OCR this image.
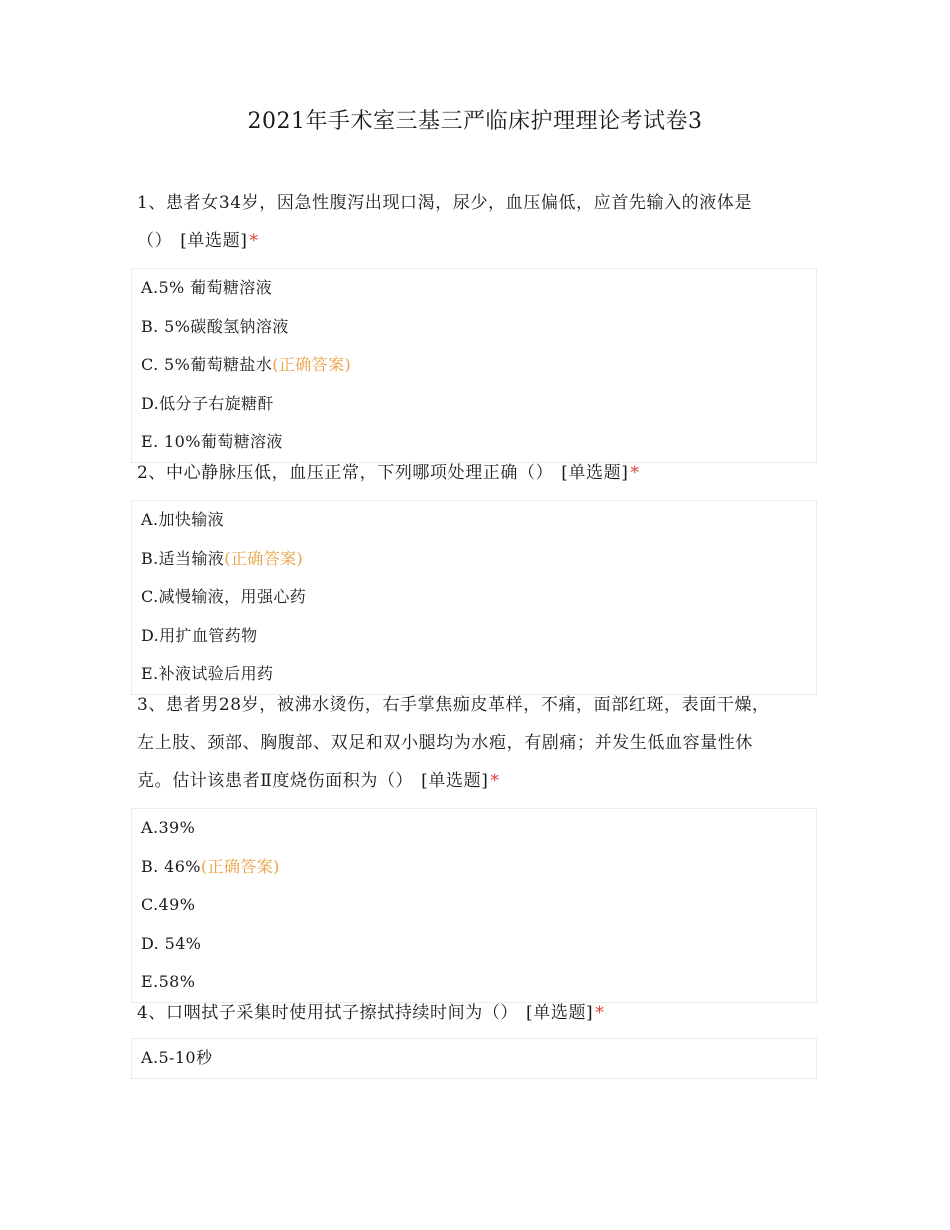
2021年手术室三基三严临床护理理论考试卷3
1、患者女34岁，因急性腹泻出现口渴，尿少，血压偏低，应首先输入的液体是
（） [单选题] *
A.5% 葡萄糖溶液
B. 5%碳酸氢钠溶液
C. 5%葡萄糖盐水(正确答案)
D.低分子右旋糖酐
E. 10%葡萄糖溶液
2、中心静脉压低，血压正常，下列哪项处理正确（） [单选题] *
A.加快输液
B.适当输液(正确答案)
C.减慢输液，用强心药
D.用扩血管药物
E.补液试验后用药
3、患者男28岁，被沸水烫伤，右手掌焦痂皮革样，不痛，面部红斑，表面干燥，
左上肢、颈部、胸腹部、双足和双小腿均为水疱，有剧痛；并发生低血容量性休
克。估计该患者Ⅱ度烧伤面积为（） [单选题] *
A.39%
B. 46%(正确答案)
C.49%
D. 54%
E.58%
4、口咽拭子采集时使用拭子擦拭持续时间为（） [单选题] *
A.5-10秒
